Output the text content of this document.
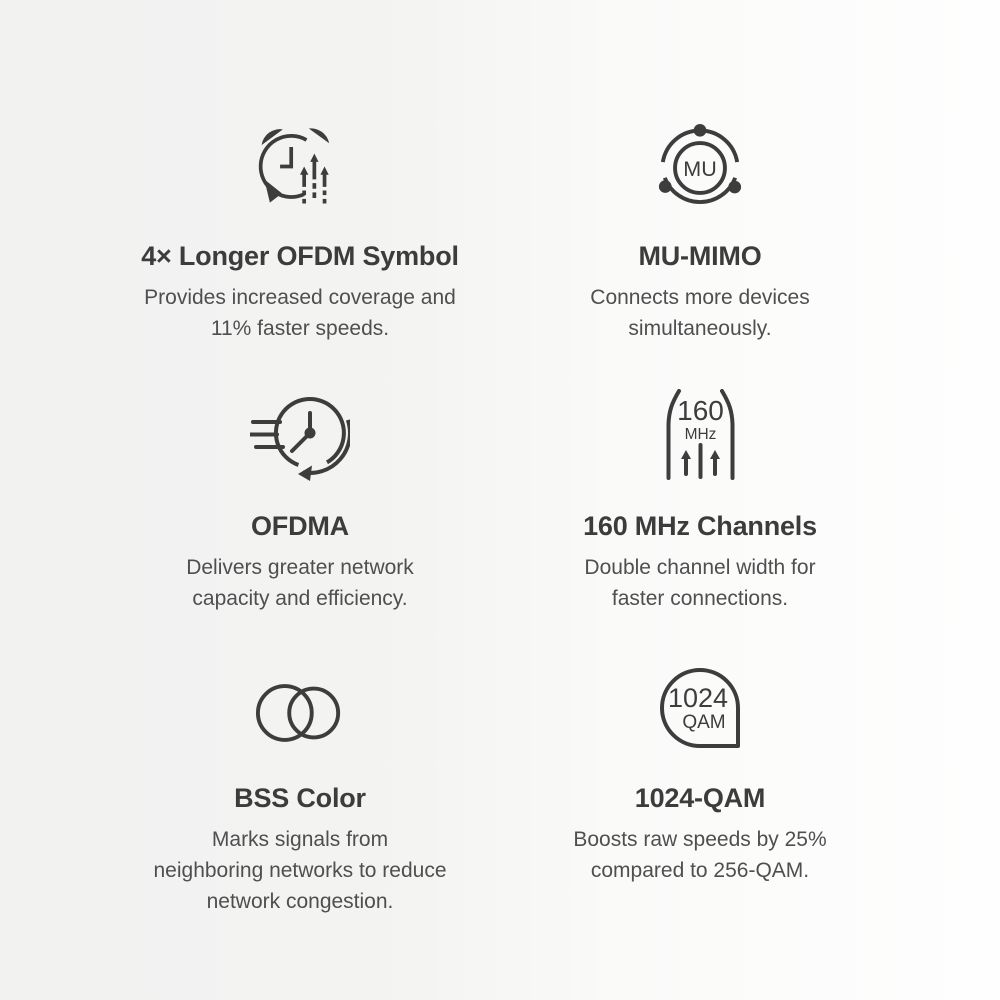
4× Longer OFDM Symbol

Provides increased coverage and
11% faster speeds.

MU
MU-MIMO

Connects more devices
simultaneously.

OFDMA

Delivers greater network
capacity and efficiency.

160
MHz
160 MHz Channels

Double channel width for
faster connections.

BSS Color

Marks signals from
neighboring networks to reduce
network congestion.

1024
QAM
1024-QAM

Boosts raw speeds by 25%
compared to 256-QAM.
